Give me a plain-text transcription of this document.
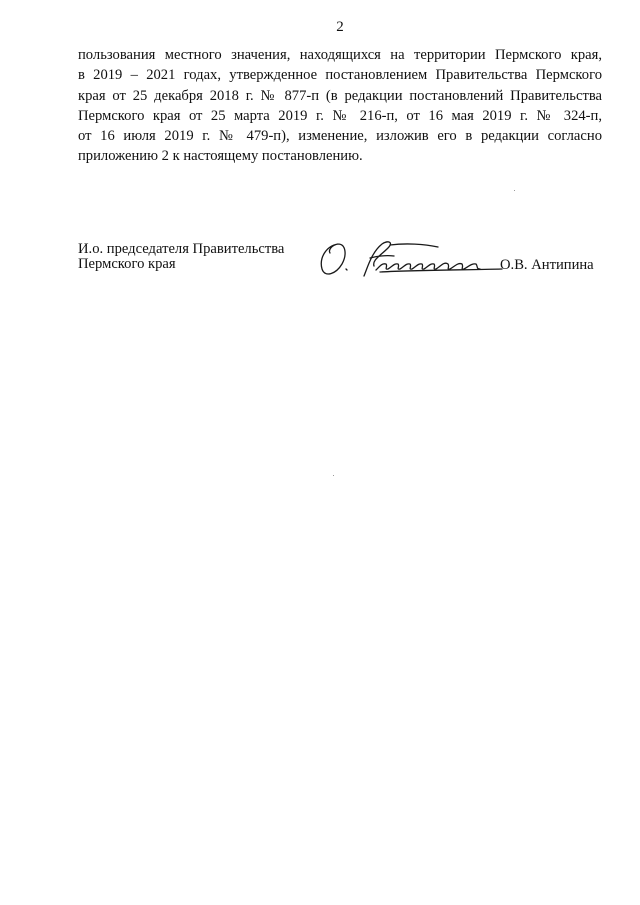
2
пользования местного значения, находящихся на территории Пермского края,
в 2019 – 2021 годах, утвержденное постановлением Правительства Пермского
края от 25 декабря 2018 г. № 877-п (в редакции постановлений Правительства
Пермского края от 25 марта 2019 г. № 216-п, от 16 мая 2019 г. № 324-п,
от 16 июля 2019 г. № 479-п), изменение, изложив его в редакции согласно
приложению 2 к настоящему постановлению.
И.о. председателя Правительства
Пермского края	О.В. Антипина
